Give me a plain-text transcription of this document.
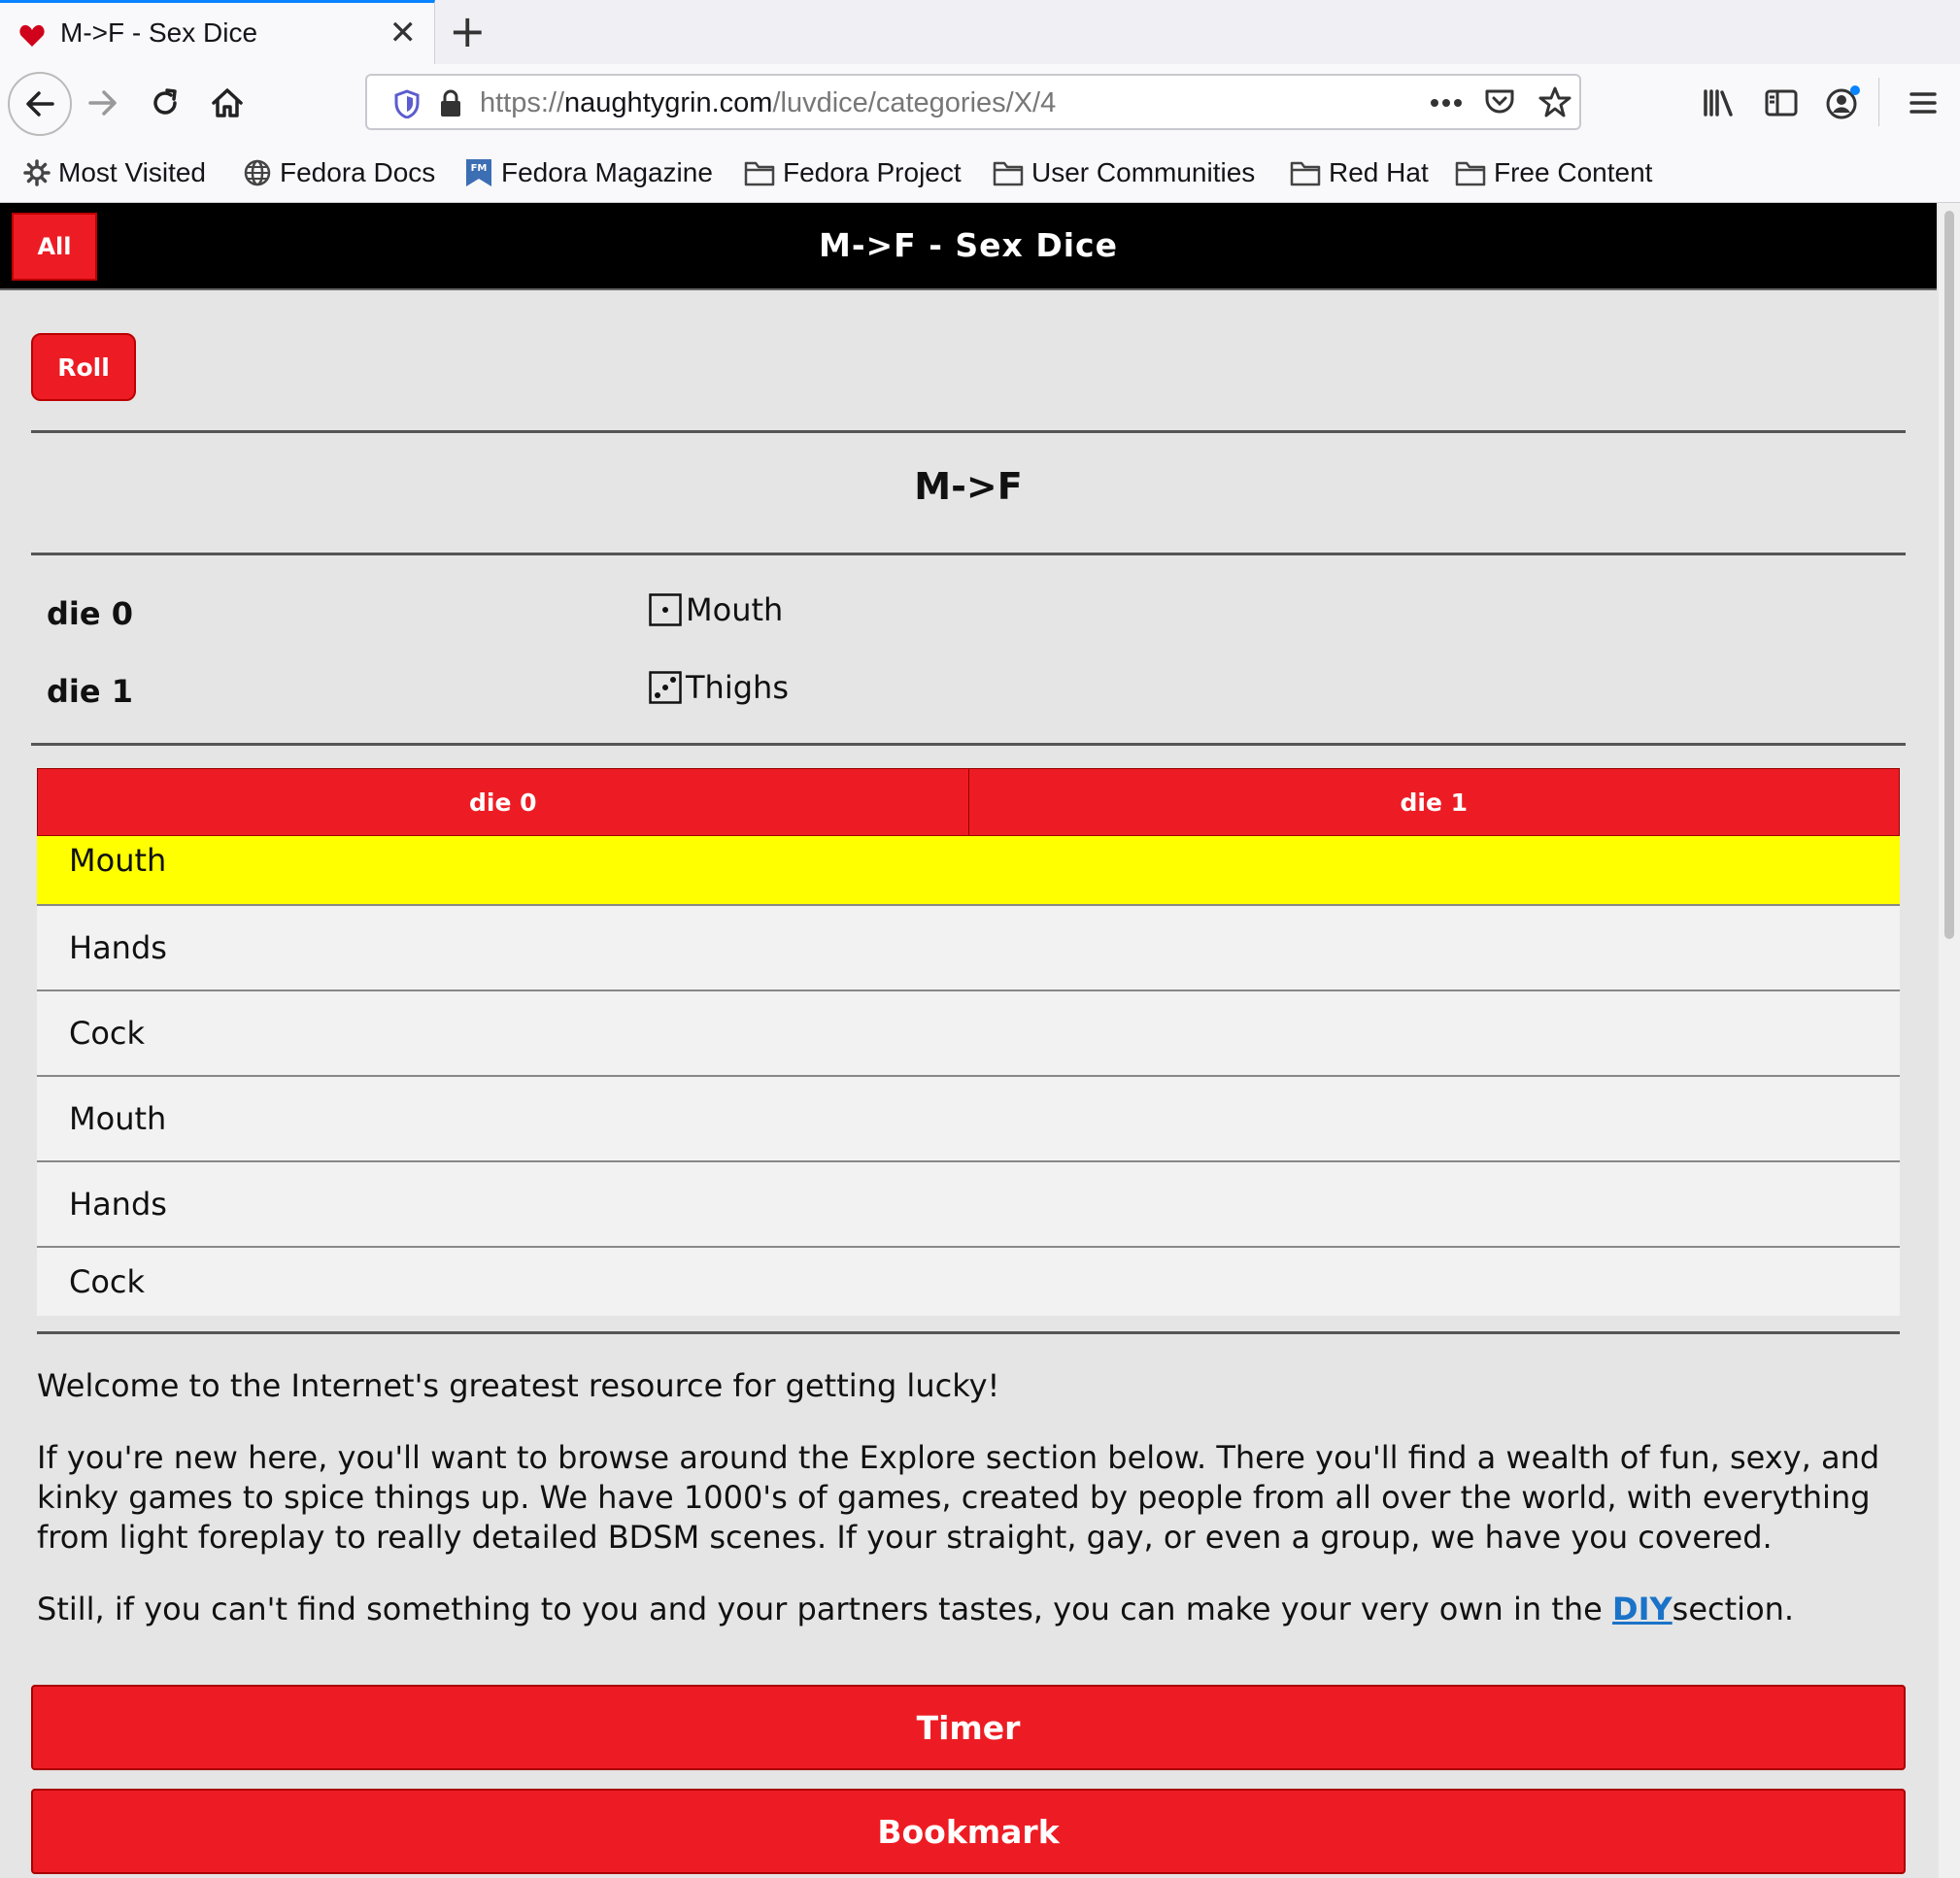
M->F - Sex Dice	✕ +
https://naughtygrin.com/luvdice/categories/X/4
Most Visited	Fedora Docs	FM Fedora Magazine	Fedora Project	User Communities	Red Hat Free Content
M->F - Sex Dice
All
Roll
M->F
die 0	Mouth
die 1	Thighs
die 0	die 1
Mouth
Hands
Cock
Mouth
Hands
Cock

Welcome to the Internet's greatest resource for getting lucky!

If you're new here, you'll want to browse around the Explore section below. There you'll find a wealth of fun, sexy, and kinky games to spice things up. We have 1000's of games, created by people from all over the world, with everything from light foreplay to really detailed BDSM scenes. If your straight, gay, or even a group, we have you covered.

Still, if you can't find something to you and your partners tastes, you can make your very own in the DIYsection.

Timer
Bookmark
